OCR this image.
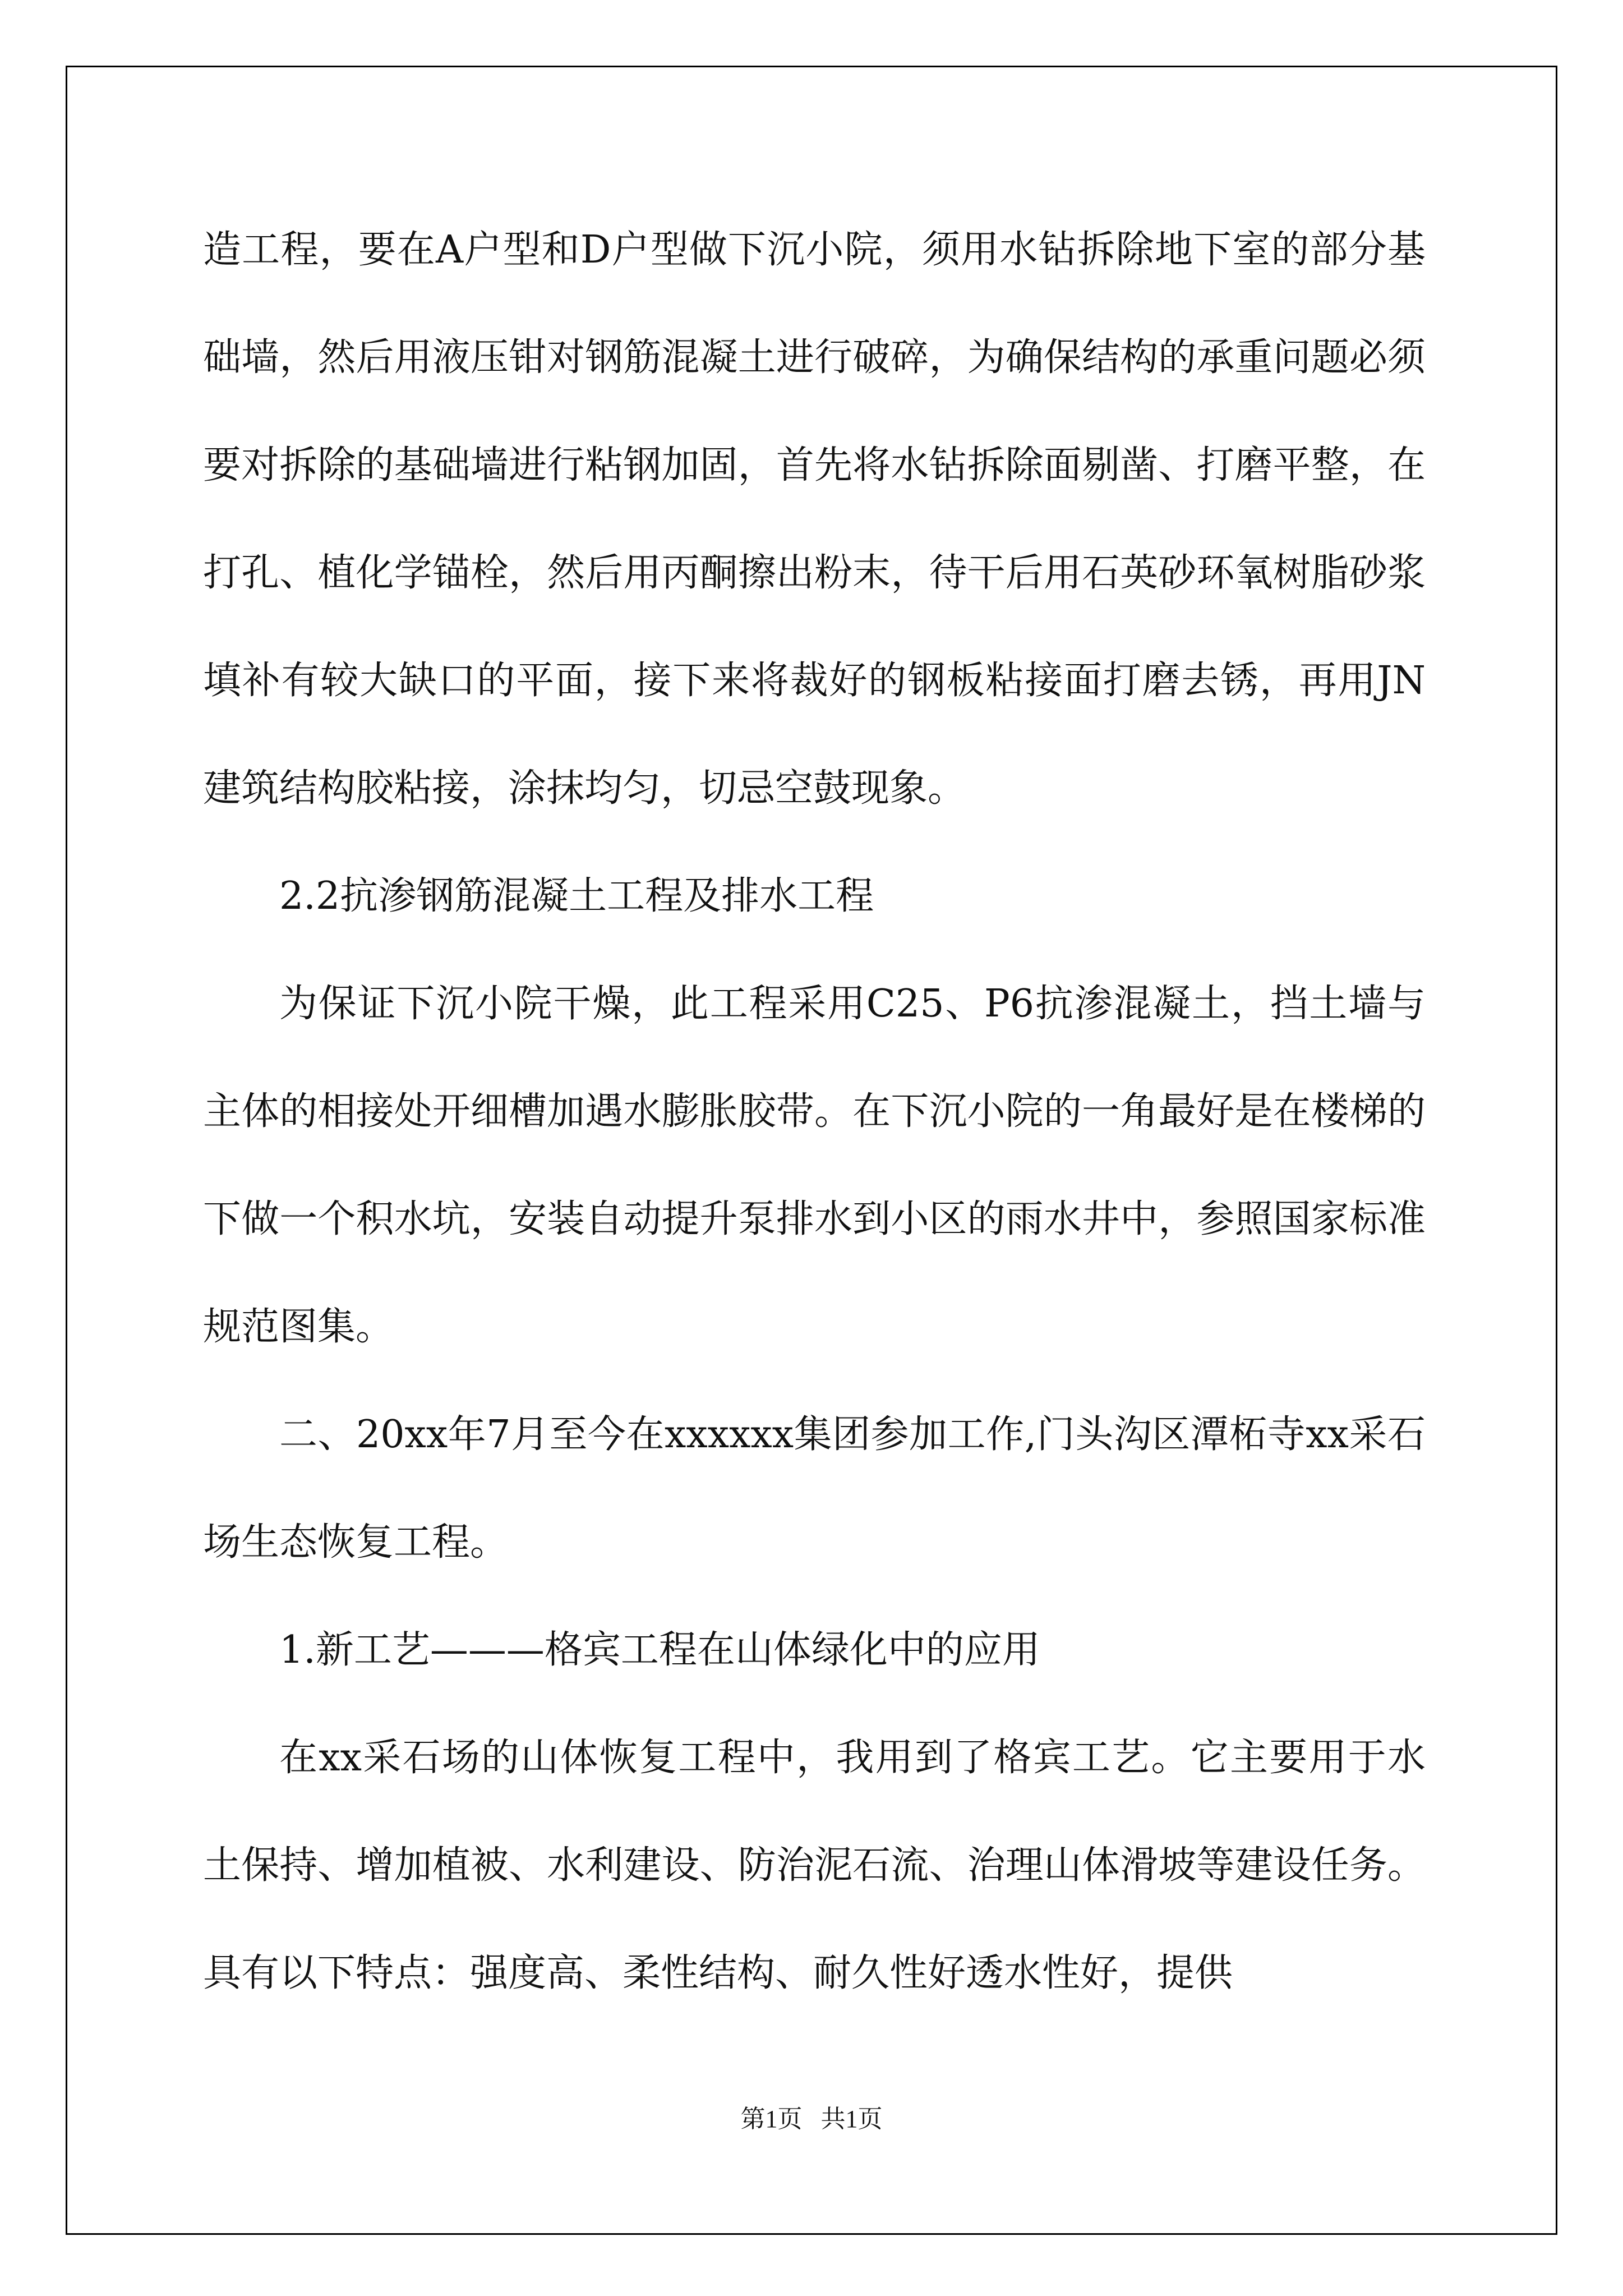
造工程，要在A户型和D户型做下沉小院，须用水钻拆除地下室的部分基础墙，然后用液压钳对钢筋混凝土进行破碎，为确保结构的承重问题必须要对拆除的基础墙进行粘钢加固，首先将水钻拆除面剔凿、打磨平整，在打孔、植化学锚栓，然后用丙酮擦出粉末，待干后用石英砂环氧树脂砂浆填补有较大缺口的平面，接下来将裁好的钢板粘接面打磨去锈，再用JN建筑结构胶粘接，涂抹均匀，切忌空鼓现象。

2.2抗渗钢筋混凝土工程及排水工程

为保证下沉小院干燥，此工程采用C25、P6抗渗混凝土，挡土墙与主体的相接处开细槽加遇水膨胀胶带。在下沉小院的一角最好是在楼梯的下做一个积水坑，安装自动提升泵排水到小区的雨水井中，参照国家标准规范图集。

二、20xx年7月至今在xxxxxx集团参加工作,门头沟区潭柘寺xx采石场生态恢复工程。

1.新工艺———格宾工程在山体绿化中的应用

在xx采石场的山体恢复工程中，我用到了格宾工艺。它主要用于水土保持、增加植被、水利建设、防治泥石流、治理山体滑坡等建设任务。具有以下特点：强度高、柔性结构、耐久性好透水性好，提供

第1页   共1页
